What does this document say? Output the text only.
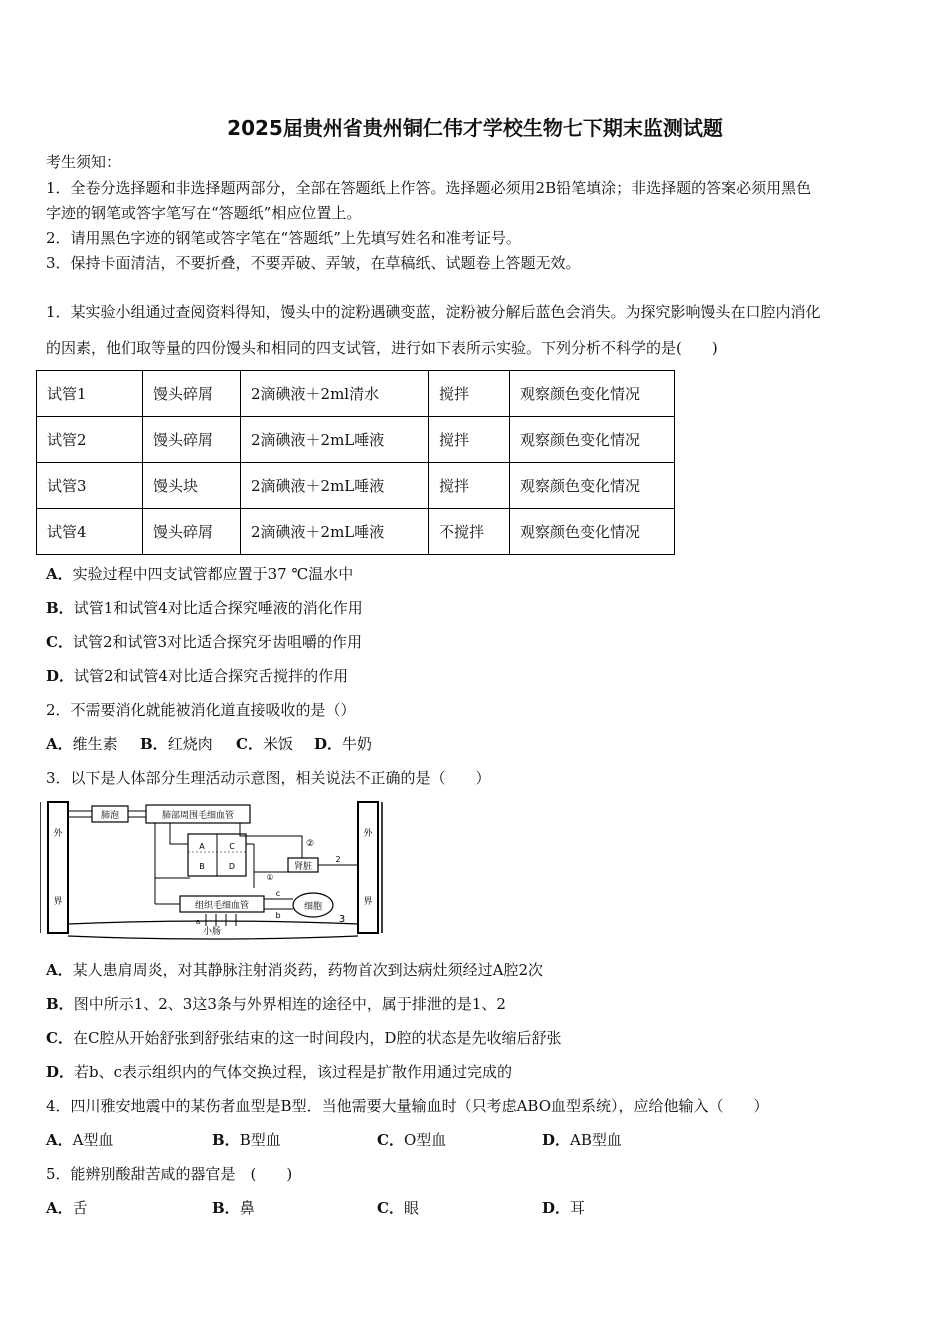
2025届贵州省贵州铜仁伟才学校生物七下期末监测试题
考生须知：
1．全卷分选择题和非选择题两部分，全部在答题纸上作答。选择题必须用2B铅笔填涂；非选择题的答案必须用黑色
字迹的钢笔或答字笔写在“答题纸”相应位置上。
2．请用黑色字迹的钢笔或答字笔在“答题纸”上先填写姓名和准考证号。
3．保持卡面清洁，不要折叠，不要弄破、弄皱，在草稿纸、试题卷上答题无效。
1．某实验小组通过查阅资料得知，馒头中的淀粉遇碘变蓝，淀粉被分解后蓝色会消失。为探究影响馒头在口腔内消化
的因素，他们取等量的四份馒头和相同的四支试管，进行如下表所示实验。下列分析不科学的是(　　)
试管1	馒头碎屑	2滴碘液＋2ml清水	搅拌	观察颜色变化情况
试管2	馒头碎屑	2滴碘液＋2mL唾液	搅拌	观察颜色变化情况
试管3	馒头块	2滴碘液＋2mL唾液	搅拌	观察颜色变化情况
试管4	馒头碎屑	2滴碘液＋2mL唾液	不搅拌	观察颜色变化情况
A．实验过程中四支试管都应置于37 ℃温水中
B．试管1和试管4对比适合探究唾液的消化作用
C．试管2和试管3对比适合探究牙齿咀嚼的作用
D．试管2和试管4对比适合探究舌搅拌的作用
2．不需要消化就能被消化道直接吸收的是（）
A．维生素 B．红烧肉 C．米饭 D．牛奶
3．以下是人体部分生理活动示意图，相关说法不正确的是（　　）
外
界
外
界
肺泡	肺部周围毛细血管
A
B
C
D
②
肾脏
2
①
细胞
组织毛细血管
c
b
a
小肠
3
A．某人患肩周炎，对其静脉注射消炎药，药物首次到达病灶须经过A腔2次
B．图中所示1、2、3这3条与外界相连的途径中，属于排泄的是1、2
C．在C腔从开始舒张到舒张结束的这一时间段内，D腔的状态是先收缩后舒张
D．若b、c表示组织内的气体交换过程，该过程是扩散作用通过完成的
4．四川雅安地震中的某伤者血型是B型．当他需要大量输血时（只考虑ABO血型系统），应给他输入（　　）
A．A型血	B．B型血	C．O型血	D．AB型血
5．能辨别酸甜苦咸的器官是　(　　)
A．舌	B．鼻	C．眼	D．耳
